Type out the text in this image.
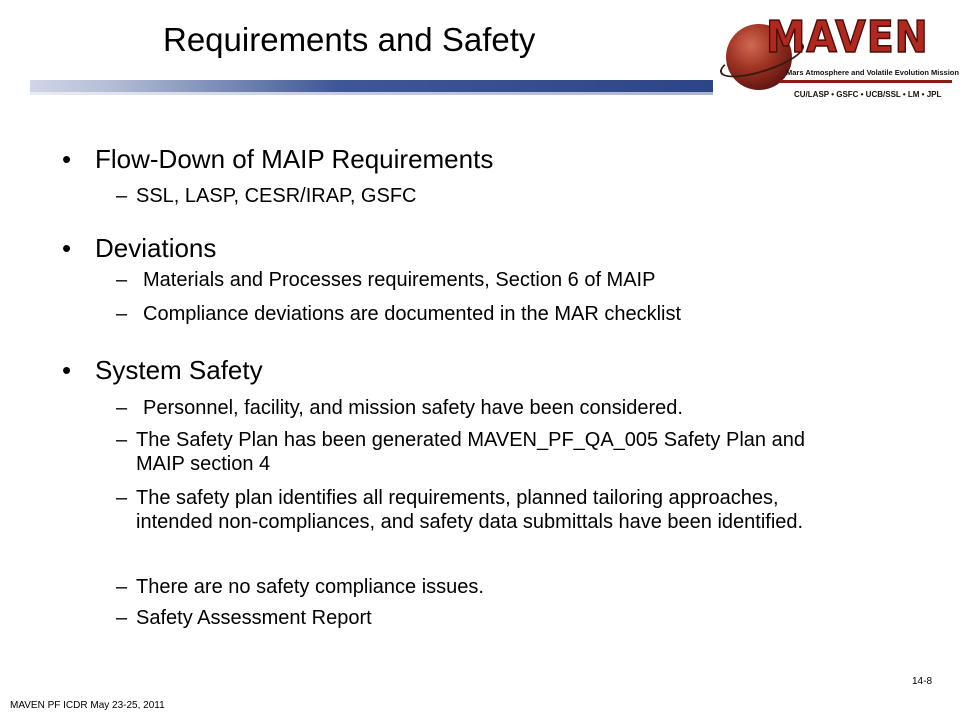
Requirements and Safety	MAVEN
Mars Atmosphere and Volatile Evolution Mission
CU/LASP • GSFC • UCB/SSL • LM • JPL
• Flow-Down of MAIP Requirements
– SSL, LASP, CESR/IRAP, GSFC
• Deviations
– Materials and Processes requirements, Section 6 of MAIP
– Compliance deviations are documented in the MAR checklist
• System Safety
– Personnel, facility, and mission safety have been considered.
– The Safety Plan has been generated MAVEN_PF_QA_005 Safety Plan and MAIP section 4
– The safety plan identifies all requirements, planned tailoring approaches, intended non-compliances, and safety data submittals have been identified.
– There are no safety compliance issues.
– Safety Assessment Report
14-8
MAVEN PF ICDR May 23-25, 2011
